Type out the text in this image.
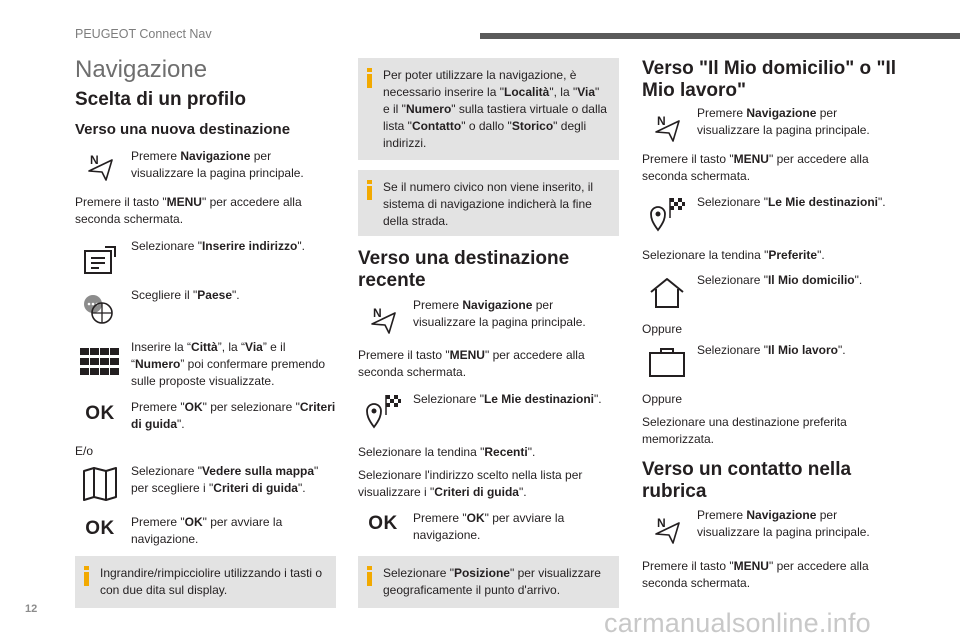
PEUGEOT Connect Nav
Navigazione
Scelta di un profilo
Verso una nuova destinazione
N	Premere Navigazione per visualizzare la pagina principale.
Premere il tasto "MENU" per accedere alla seconda schermata.
Selezionare "Inserire indirizzo".
Scegliere il "Paese".
Inserire la “Città”, la “Via” e il “Numero” poi confermare premendo sulle proposte visualizzate.
OK	Premere "OK" per selezionare "Criteri di guida".
E/o
Selezionare "Vedere sulla mappa" per scegliere i "Criteri di guida".
OK	Premere "OK" per avviare la navigazione.
Ingrandire/rimpicciolire utilizzando i tasti o con due dita sul display.
Per poter utilizzare la navigazione, è necessario inserire la "Località", la "Via" e il "Numero" sulla tastiera virtuale o dalla lista "Contatto" o dallo "Storico" degli indirizzi.
Se il numero civico non viene inserito, il sistema di navigazione indicherà la fine della strada.
Verso una destinazione recente
N
Premere Navigazione per visualizzare la pagina principale.
Premere il tasto "MENU" per accedere alla seconda schermata.
Selezionare "Le Mie destinazioni".
Selezionare la tendina "Recenti".
Selezionare l'indirizzo scelto nella lista per visualizzare i "Criteri di guida".
OK	Premere "OK" per avviare la navigazione.
Selezionare "Posizione" per visualizzare geograficamente il punto d'arrivo.
Verso "Il Mio domicilio" o "Il Mio lavoro"
N
Premere Navigazione per visualizzare la pagina principale.
Premere il tasto "MENU" per accedere alla seconda schermata.
Selezionare "Le Mie destinazioni".
Selezionare la tendina "Preferite".
Selezionare "Il Mio domicilio".
Oppure
Selezionare "Il Mio lavoro".
Oppure
Selezionare una destinazione preferita memorizzata.
Verso un contatto nella rubrica
N
Premere Navigazione per visualizzare la pagina principale.
Premere il tasto "MENU" per accedere alla seconda schermata.
12	carmanualsonline.info
